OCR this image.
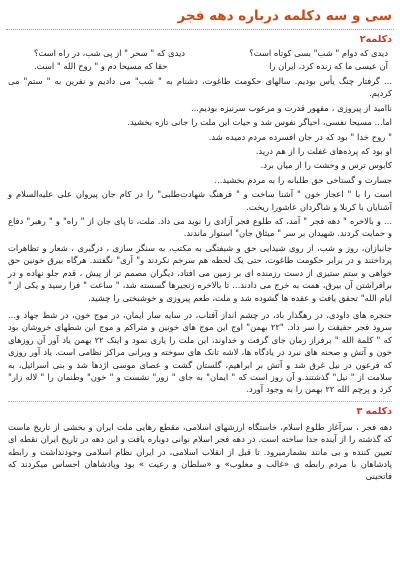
سی و سه دکلمه درباره دهه فجر
دکلمه۲
دیدی که دوام " شب" بسی کوتاه است؟
دیدی که " سحر " از پی شب، در راه است؟
آن عیسی ما که زنده کرد، ایران را
حقا که مسیحا دم و " روح الله " است.

... گرفتار چنگ یأس بودیم. سالهای حکومت طاغوت، دشنام به " شب" می دادیم و نفرین به " ستم" می کردیم.

ناامید از پیروزی ، مقهور قدرت و مرعوب سرنیزه بودیم...

اما... مسیحا نفسی، احیاگر نفوس شد و حیات این ملت را جانی تازه بخشید.

" روح خدا " بود که در جان افسرده مردم دمیده شد.

او بود که پرده‌های غفلت را از هم درید.

کابوس ترس و وحشت را از میان برد.

جسارت و گستاخی حق طلبانه را به مردم بخشید...

است را با " اعجاز خون " آشنا ساخت و " فرهنگ شهادت‌طلبی" را در کام جان پیروان علی علیه‌السلام و آشنایان با کربلا و شاگردان عاشورا ریخت.

... و بالاخره " دهه فجر " آمد، که طلوع فجر آزادی را نوید می داد. ملت، تا پای جان از " راه" و " رهبر" دفاع و حمایت کردند. شهیدان بر سر " میثاق جان" استوار ماندند.

جانبازان، روز و شب، از روی شیدایی حق و شیفتگی به مکتب، به سنگر سازی ، درگیری ، شعار و تظاهرات پرداختند و در برابر حکومت طاغوت، حتی یک لحظه هم سرخم نکردند و" آری" نگفتند. هرگاه بیرق خونین حق خواهی و ستم ستیزی از دست رزمنده ای بر زمین می افتاد، دیگران مصمم تر از پیش ، قدم جلو نهاده و در برافراشتن آن بیرق، همت به خرج می دادند... تا بالاخره زنجیرها گسسته شد، " ساعت " فرا رسید و یکی از " ایام الله" تحقق یافت و عقده ها گشوده شد و ملت، طعم پیروزی و خوشبختی را چشید.

حنجره های داودی، در رهگذار باد، در چشم انداز آفتاب، در سایه سار ایمان، در موج خون، در شط جهاد و... سرود فجر حقیقت را سر داد. "۲۲ بهمن" اوج این موج های خونین و متراکم و موج این شطهای خروشان بود که " کلمة الله " برفراز زمان جای گرفت و خداوند، این ملت را یاری نمود و اینک ۲۲ بهمن یاد آور آن روزهای خون و آتش و صحنه های نبرد در یادگاه ها، لاشه تانک های سوخته و ویرانی مراکز نظامی است. یاد آور روزی که فرعون در نیل غرق شد و آتش بر ابراهیم، گلستان گشت و عصای موسی اژدها شد و بنی اسرائیل، به سلامت از " نیل" گذشتند.و آن روز است که " ایمان" به جای " زور" نشست و " خون" وطنمان را " لاله زار" کرد و پرچم الله ۲۲ بهمن را به وجود آورد.

دکلمه ۳

دهه فجر ، سرآغاز طلوع اسلام، خاستگاه ارزشهای اسلامی، مقطع رهایی ملت ایران و بخشی از تاریخ ماست که گذشته را از آینده جدا ساخته است. در دهه فجر اسلام نوانی دوباره یافت و این دهه در تاریخ ایران نقطه ای تعیین کننده و بی مانند بشمارمیرود. تا قبل از انقلاب اسلامی، در ایران نظام اسلامی وجودنداشت و رابطه پادشاهان با مردم رابطه ی «غالب و مغلوب» و «سلطان و رعیت » بود وپادشاهان احساس میکردند که فاتحینی
